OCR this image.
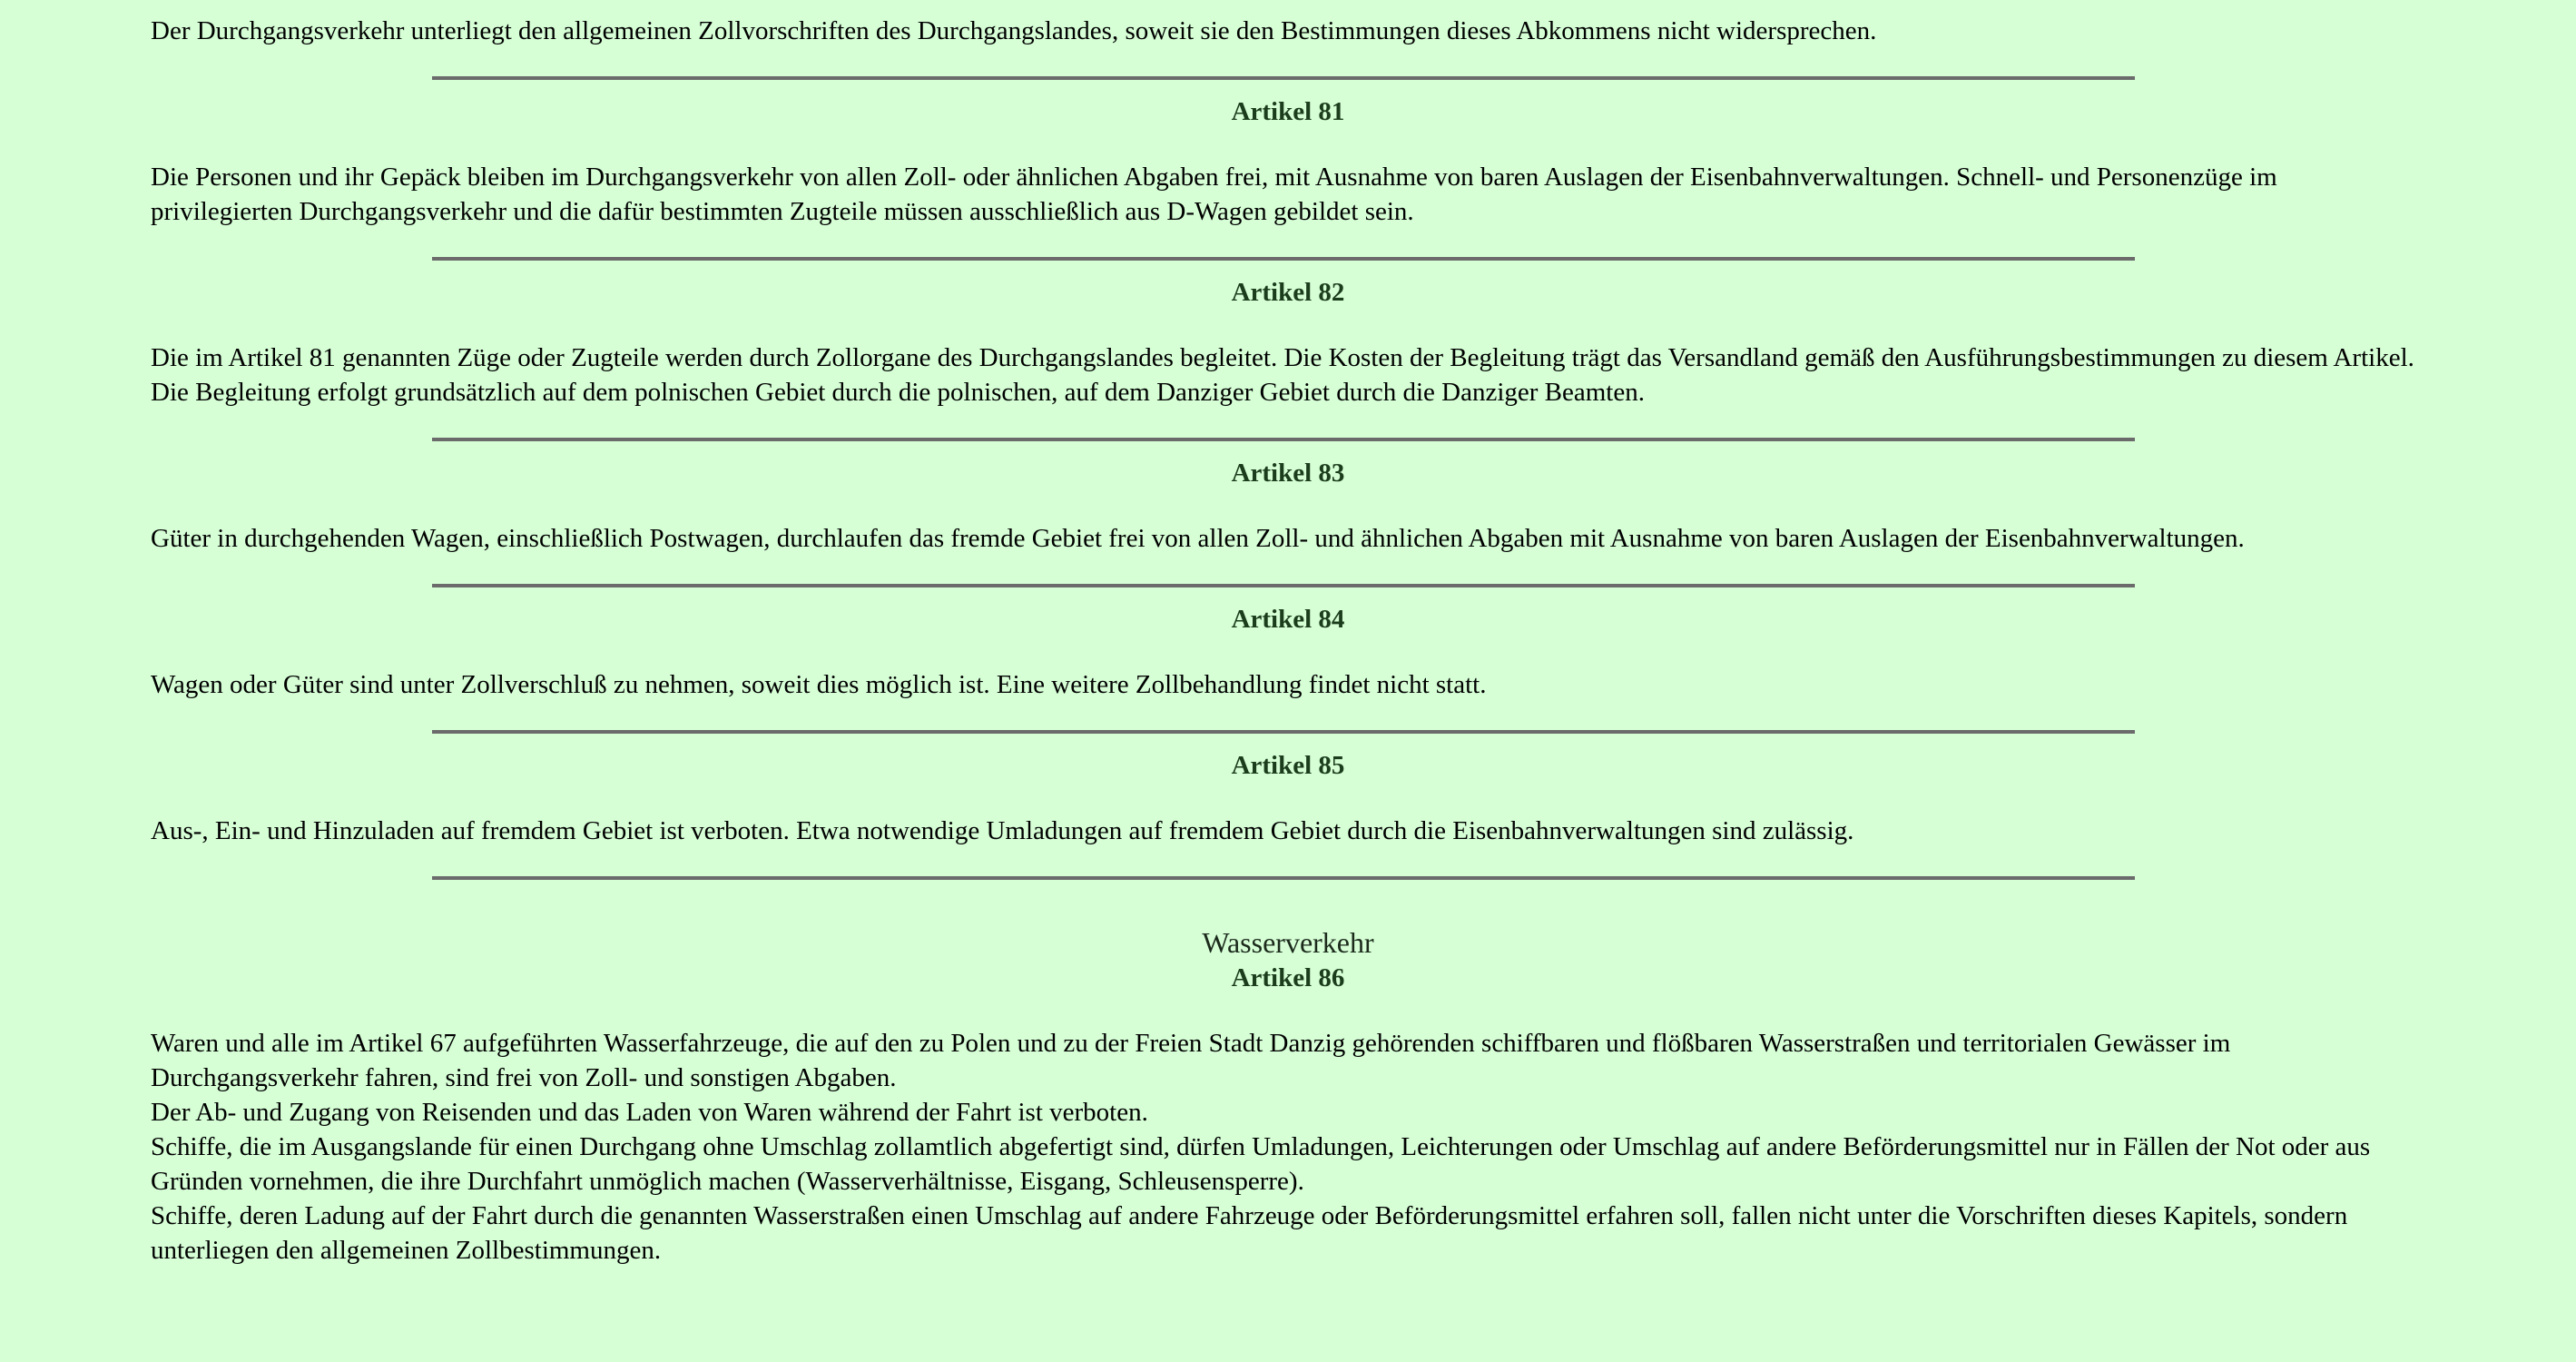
Der Durchgangsverkehr unterliegt den allgemeinen Zollvorschriften des Durchgangslandes, soweit sie den Bestimmungen dieses Abkommens nicht widersprechen.

Artikel 81

Die Personen und ihr Gepäck bleiben im Durchgangsverkehr von allen Zoll- oder ähnlichen Abgaben frei, mit Ausnahme von baren Auslagen der Eisenbahnverwaltungen. Schnell- und Personenzüge im privilegierten Durchgangsverkehr und die dafür bestimmten Zugteile müssen ausschließlich aus D-Wagen gebildet sein.

Artikel 82

Die im Artikel 81 genannten Züge oder Zugteile werden durch Zollorgane des Durchgangslandes begleitet. Die Kosten der Begleitung trägt das Versandland gemäß den Ausführungsbestimmungen zu diesem Artikel.

Die Begleitung erfolgt grundsätzlich auf dem polnischen Gebiet durch die polnischen, auf dem Danziger Gebiet durch die Danziger Beamten.

Artikel 83

Güter in durchgehenden Wagen, einschließlich Postwagen, durchlaufen das fremde Gebiet frei von allen Zoll- und ähnlichen Abgaben mit Ausnahme von baren Auslagen der Eisenbahnverwaltungen.

Artikel 84

Wagen oder Güter sind unter Zollverschluß zu nehmen, soweit dies möglich ist. Eine weitere Zollbehandlung findet nicht statt.

Artikel 85

Aus-, Ein- und Hinzuladen auf fremdem Gebiet ist verboten. Etwa notwendige Umladungen auf fremdem Gebiet durch die Eisenbahnverwaltungen sind zulässig.

Wasserverkehr
Artikel 86

Waren und alle im Artikel 67 aufgeführten Wasserfahrzeuge, die auf den zu Polen und zu der Freien Stadt Danzig gehörenden schiffbaren und flößbaren Wasserstraßen und territorialen Gewässer im Durchgangsverkehr fahren, sind frei von Zoll- und sonstigen Abgaben.

Der Ab- und Zugang von Reisenden und das Laden von Waren während der Fahrt ist verboten.

Schiffe, die im Ausgangslande für einen Durchgang ohne Umschlag zollamtlich abgefertigt sind, dürfen Umladungen, Leichterungen oder Umschlag auf andere Beförderungsmittel nur in Fällen der Not oder aus Gründen vornehmen, die ihre Durchfahrt unmöglich machen (Wasserverhältnisse, Eisgang, Schleusensperre).

Schiffe, deren Ladung auf der Fahrt durch die genannten Wasserstraßen einen Umschlag auf andere Fahrzeuge oder Beförderungsmittel erfahren soll, fallen nicht unter die Vorschriften dieses Kapitels, sondern unterliegen den allgemeinen Zollbestimmungen.
